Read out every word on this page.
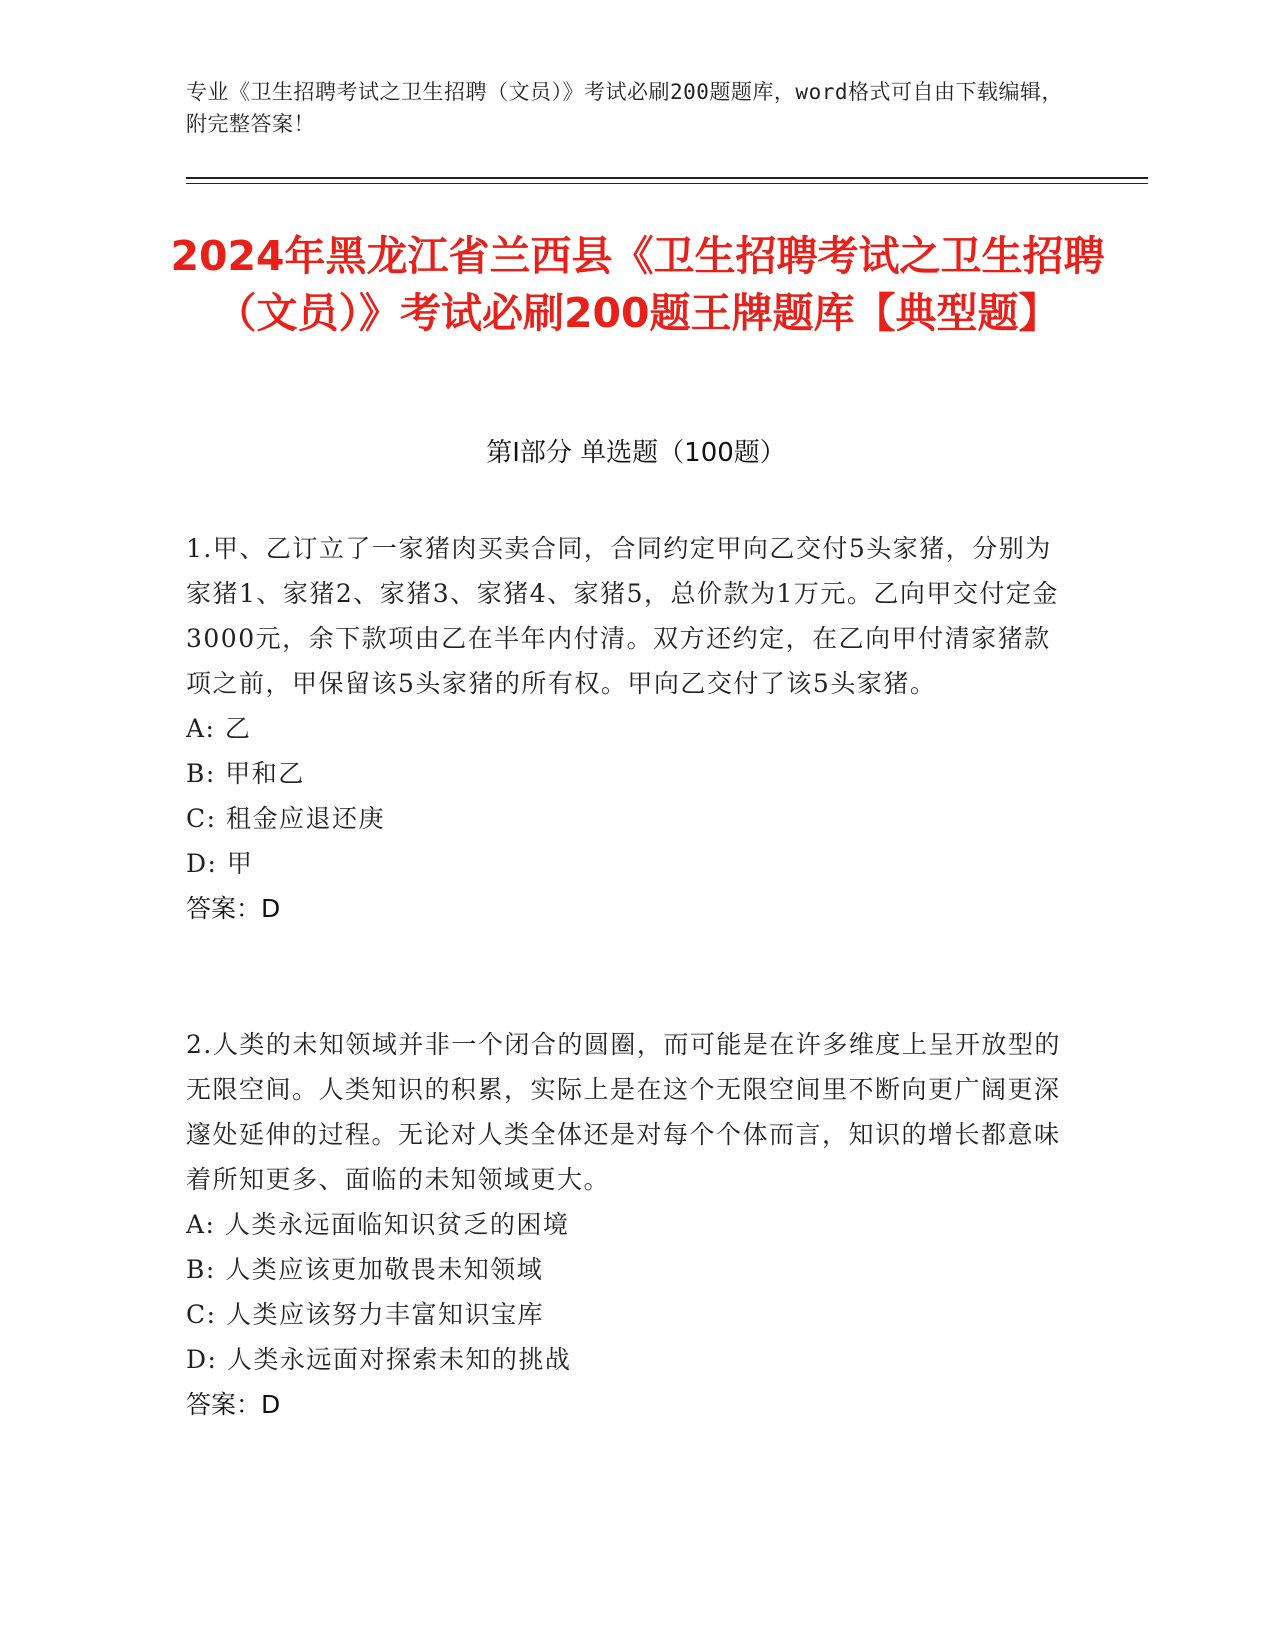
专业《卫生招聘考试之卫生招聘（文员）》考试必刷200题题库，word格式可自由下载编辑，附完整答案！
2024年黑龙江省兰西县《卫生招聘考试之卫生招聘（文员）》考试必刷200题王牌题库【典型题】
第Ⅰ部分 单选题（100题）

1.甲、乙订立了一家猪肉买卖合同，合同约定甲向乙交付5头家猪，分别为家猪1、家猪2、家猪3、家猪4、家猪5，总价款为1万元。乙向甲交付定金3000元，余下款项由乙在半年内付清。双方还约定，在乙向甲付清家猪款项之前，甲保留该5头家猪的所有权。甲向乙交付了该5头家猪。

A: 乙

B: 甲和乙

C: 租金应退还庚

D: 甲

答案：D

2.人类的未知领域并非一个闭合的圆圈，而可能是在许多维度上呈开放型的无限空间。人类知识的积累，实际上是在这个无限空间里不断向更广阔更深邃处延伸的过程。无论对人类全体还是对每个个体而言，知识的增长都意味着所知更多、面临的未知领域更大。

A: 人类永远面临知识贫乏的困境

B: 人类应该更加敬畏未知领域

C: 人类应该努力丰富知识宝库

D: 人类永远面对探索未知的挑战

答案：D
